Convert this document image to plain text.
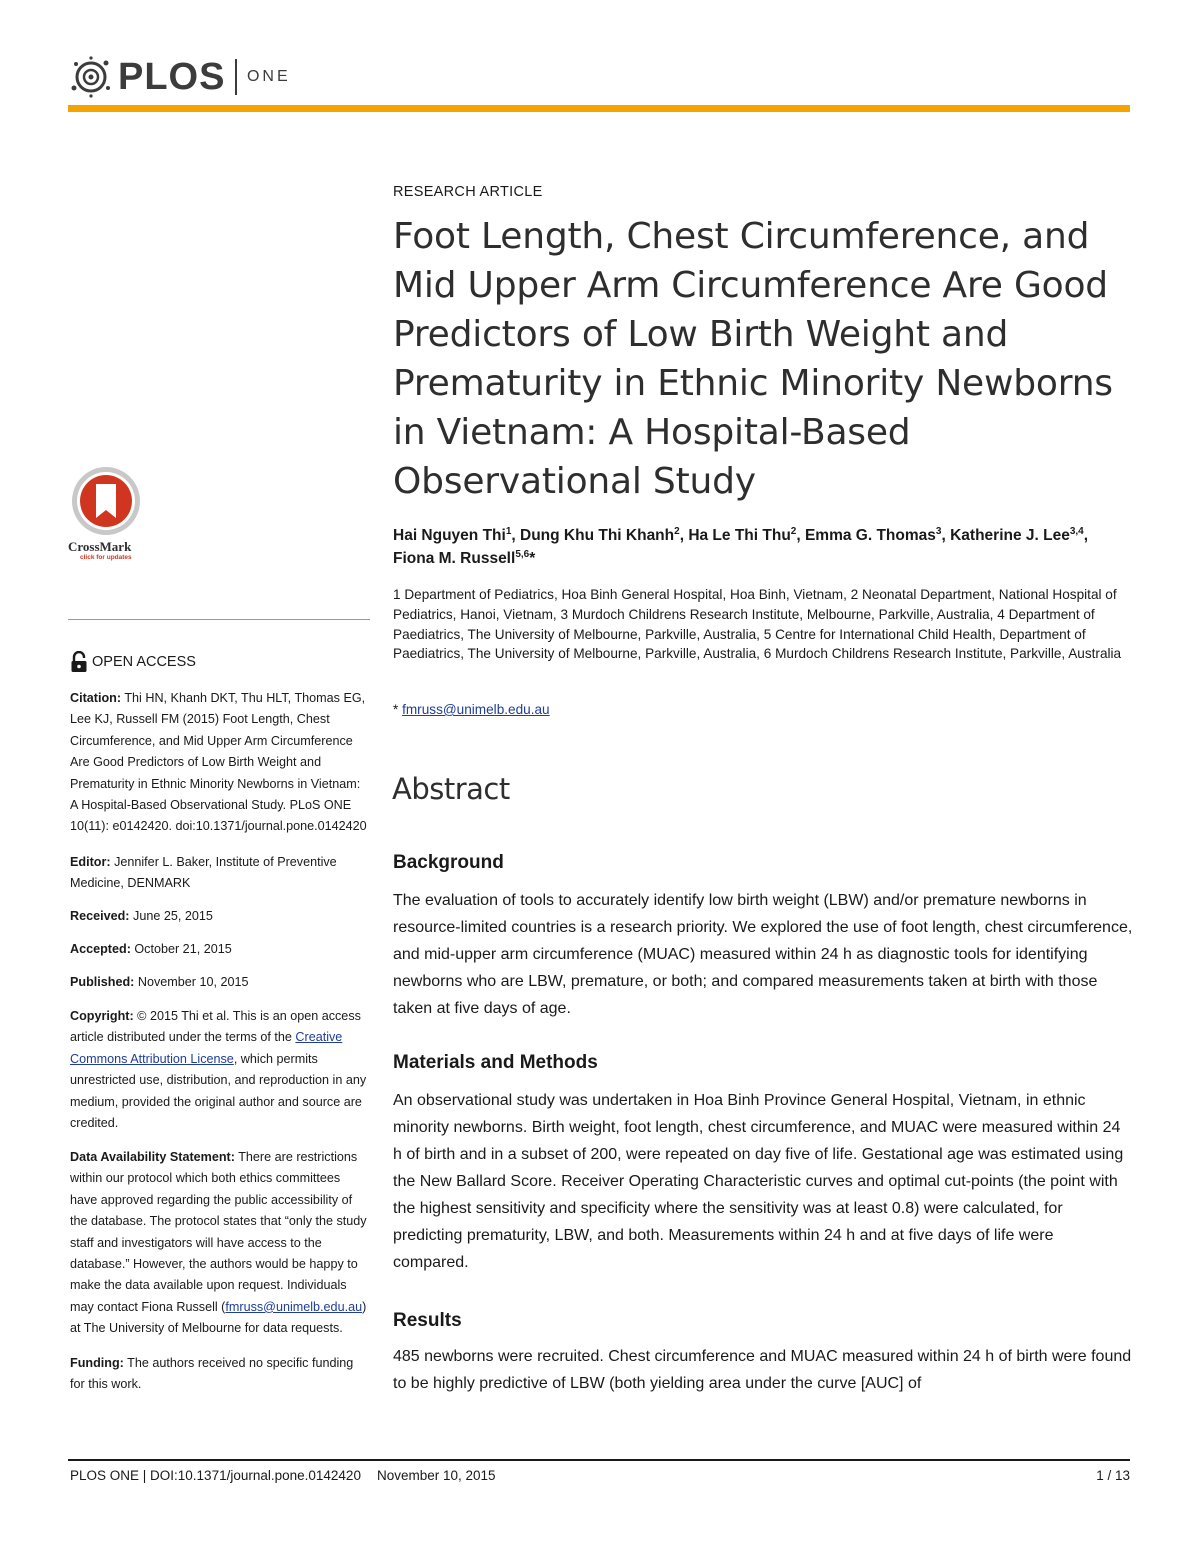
PLOS ONE
RESEARCH ARTICLE
Foot Length, Chest Circumference, and Mid Upper Arm Circumference Are Good Predictors of Low Birth Weight and Prematurity in Ethnic Minority Newborns in Vietnam: A Hospital-Based Observational Study

Hai Nguyen Thi$^1$, Dung Khu Thi Khanh$^2$, Ha Le Thi Thu$^2$, Emma G. Thomas$^3$, Katherine J. Lee$^{3,4}$, Fiona M. Russell$^{5,6}$*

1 Department of Pediatrics, Hoa Binh General Hospital, Hoa Binh, Vietnam, 2 Neonatal Department, National Hospital of Pediatrics, Hanoi, Vietnam, 3 Murdoch Childrens Research Institute, Melbourne, Parkville, Australia, 4 Department of Paediatrics, The University of Melbourne, Parkville, Australia, 5 Centre for International Child Health, Department of Paediatrics, The University of Melbourne, Parkville, Australia, 6 Murdoch Childrens Research Institute, Parkville, Australia

* fmruss@unimelb.edu.au
Abstract
Background

The evaluation of tools to accurately identify low birth weight (LBW) and/or premature newborns in resource-limited countries is a research priority. We explored the use of foot length, chest circumference, and mid-upper arm circumference (MUAC) measured within 24 h as diagnostic tools for identifying newborns who are LBW, premature, or both; and compared measurements taken at birth with those taken at five days of age.

Materials and Methods

An observational study was undertaken in Hoa Binh Province General Hospital, Vietnam, in ethnic minority newborns. Birth weight, foot length, chest circumference, and MUAC were measured within 24 h of birth and in a subset of 200, were repeated on day five of life. Gestational age was estimated using the New Ballard Score. Receiver Operating Characteristic curves and optimal cut-points (the point with the highest sensitivity and specificity where the sensitivity was at least 0.8) were calculated, for predicting prematurity, LBW, and both. Measurements within 24 h and at five days of life were compared.

Results

485 newborns were recruited. Chest circumference and MUAC measured within 24 h of birth were found to be highly predictive of LBW (both yielding area under the curve [AUC] of

CrossMark
click for updates
OPEN ACCESS

Citation: Thi HN, Khanh DKT, Thu HLT, Thomas EG, Lee KJ, Russell FM (2015) Foot Length, Chest Circumference, and Mid Upper Arm Circumference Are Good Predictors of Low Birth Weight and Prematurity in Ethnic Minority Newborns in Vietnam: A Hospital-Based Observational Study. PLoS ONE 10(11): e0142420. doi:10.1371/journal.pone.0142420

Editor: Jennifer L. Baker, Institute of Preventive Medicine, DENMARK

Received: June 25, 2015

Accepted: October 21, 2015

Published: November 10, 2015

Copyright: © 2015 Thi et al. This is an open access article distributed under the terms of the Creative Commons Attribution License, which permits unrestricted use, distribution, and reproduction in any medium, provided the original author and source are credited.

Data Availability Statement: There are restrictions within our protocol which both ethics committees have approved regarding the public accessibility of the database. The protocol states that “only the study staff and investigators will have access to the database.” However, the authors would be happy to make the data available upon request. Individuals may contact Fiona Russell (fmruss@unimelb.edu.au) at The University of Melbourne for data requests.

Funding: The authors received no specific funding for this work.

PLOS ONE | DOI:10.1371/journal.pone.0142420 November 10, 2015	1 / 13
